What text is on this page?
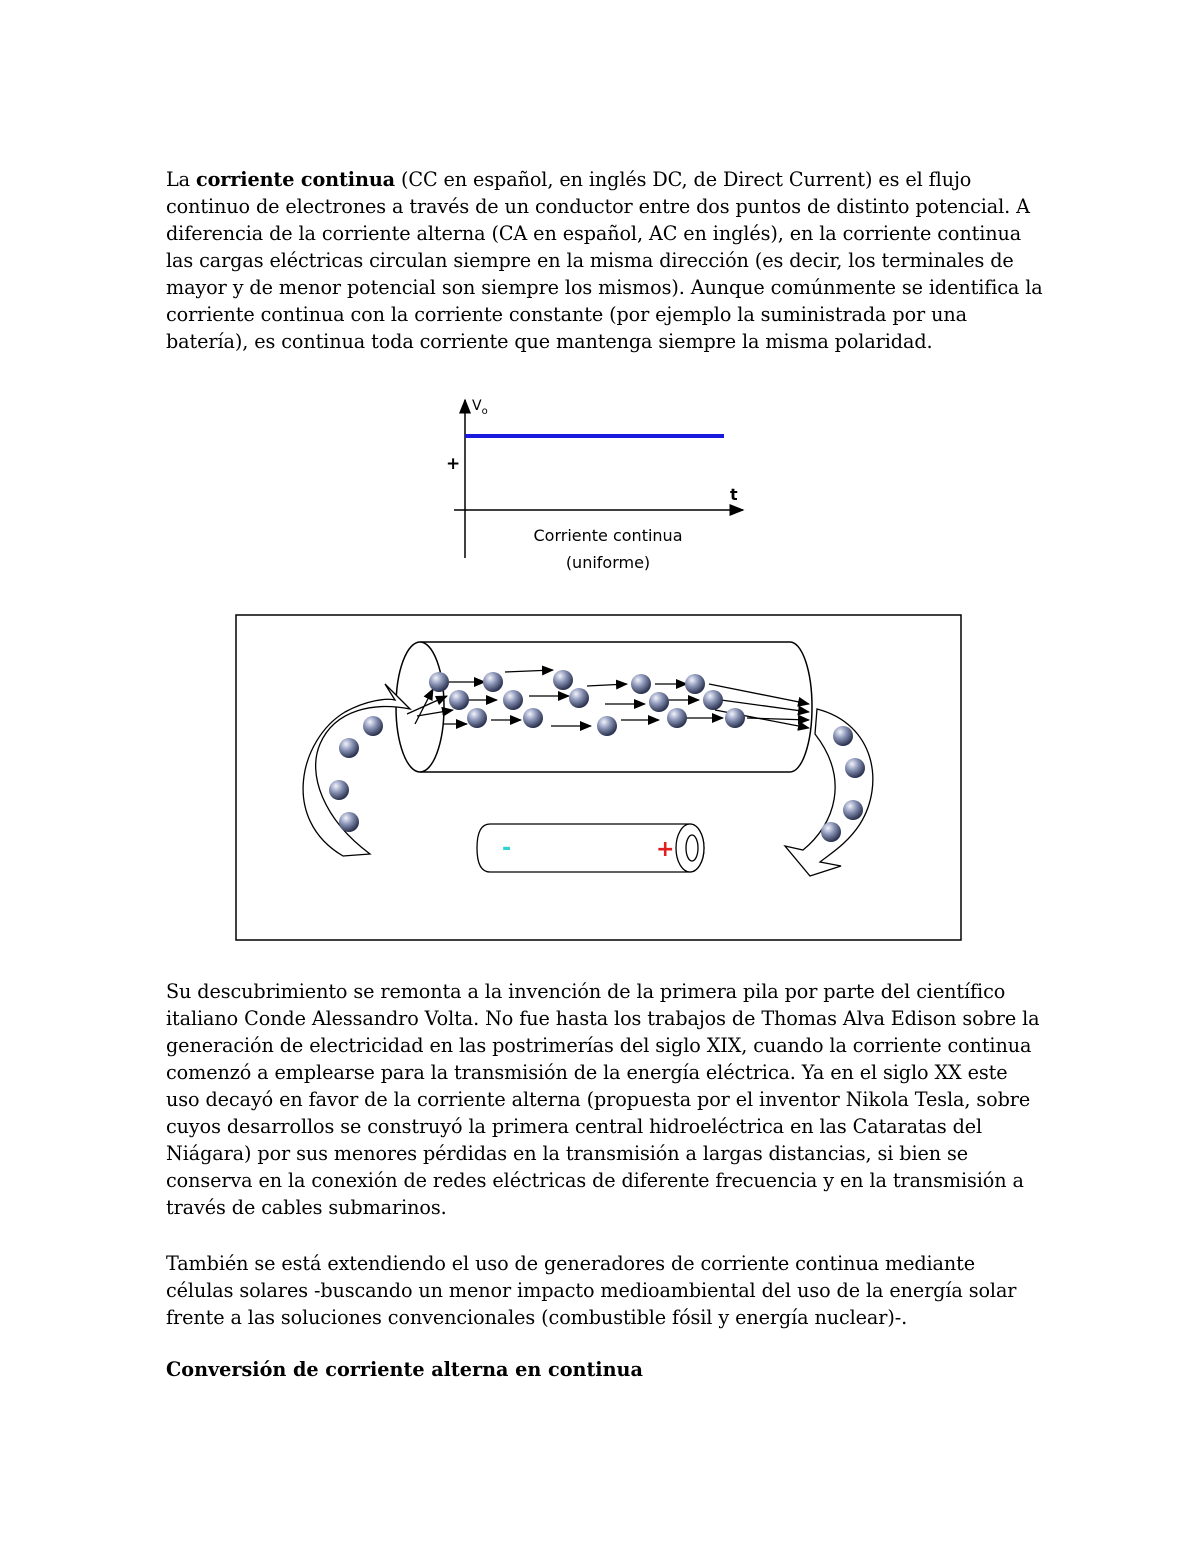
La corriente continua (CC en español, en inglés DC, de Direct Current) es el flujo continuo de electrones a través de un conductor entre dos puntos de distinto potencial. A diferencia de la corriente alterna (CA en español, AC en inglés), en la corriente continua las cargas eléctricas circulan siempre en la misma dirección (es decir, los terminales de mayor y de menor potencial son siempre los mismos). Aunque comúnmente se identifica la corriente continua con la corriente constante (por ejemplo la suministrada por una batería), es continua toda corriente que mantenga siempre la misma polaridad.

$V_o$
t
+
Corriente continua
(uniforme)
-	+

Su descubrimiento se remonta a la invención de la primera pila por parte del científico italiano Conde Alessandro Volta. No fue hasta los trabajos de Thomas Alva Edison sobre la generación de electricidad en las postrimerías del siglo XIX, cuando la corriente continua comenzó a emplearse para la transmisión de la energía eléctrica. Ya en el siglo XX este uso decayó en favor de la corriente alterna (propuesta por el inventor Nikola Tesla, sobre cuyos desarrollos se construyó la primera central hidroeléctrica en las Cataratas del Niágara) por sus menores pérdidas en la transmisión a largas distancias, si bien se conserva en la conexión de redes eléctricas de diferente frecuencia y en la transmisión a través de cables submarinos.

También se está extendiendo el uso de generadores de corriente continua mediante células solares -buscando un menor impacto medioambiental del uso de la energía solar frente a las soluciones convencionales (combustible fósil y energía nuclear)-.

Conversión de corriente alterna en continua
